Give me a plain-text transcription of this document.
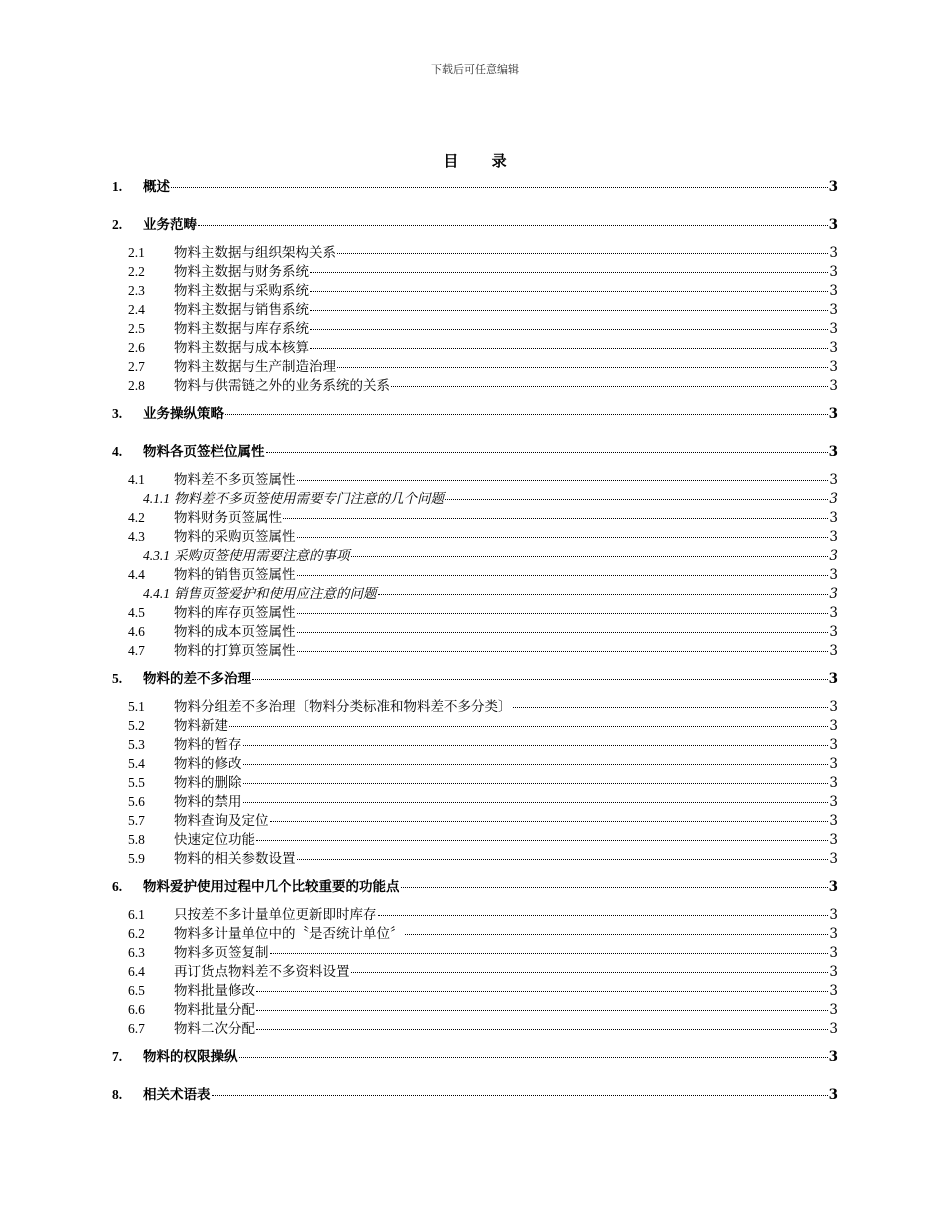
下载后可任意编辑
目 录
1.	概述	3
2.	业务范畴	3
2.1	物料主数据与组织架构关系	3
2.2	物料主数据与财务系统	3
2.3	物料主数据与采购系统	3
2.4	物料主数据与销售系统	3
2.5	物料主数据与库存系统	3
2.6	物料主数据与成本核算	3
2.7	物料主数据与生产制造治理	3
2.8	物料与供需链之外的业务系统的关系	3
3.	业务操纵策略	3
4.	物料各页签栏位属性	3
4.1	物料差不多页签属性	3
4.1.1 物料差不多页签使用需要专门注意的几个问题	3
4.2	物料财务页签属性	3
4.3	物料的采购页签属性	3
4.3.1 采购页签使用需要注意的事项	3
4.4	物料的销售页签属性	3
4.4.1 销售页签爱护和使用应注意的问题	3
4.5	物料的库存页签属性	3
4.6	物料的成本页签属性	3
4.7	物料的打算页签属性	3
5.	物料的差不多治理	3
5.1	物料分组差不多治理〔物料分类标准和物料差不多分类〕	3
5.2	物料新建	3
5.3	物料的暂存	3
5.4	物料的修改	3
5.5	物料的删除	3
5.6	物料的禁用	3
5.7	物料查询及定位	3
5.8	快速定位功能	3
5.9	物料的相关参数设置	3
6.	物料爱护使用过程中几个比较重要的功能点	3
6.1	只按差不多计量单位更新即时库存	3
6.2	物料多计量单位中的〝是否统计单位〞	3
6.3	物料多页签复制	3
6.4	再订货点物料差不多资料设置	3
6.5	物料批量修改	3
6.6	物料批量分配	3
6.7	物料二次分配	3
7.	物料的权限操纵	3
8.	相关术语表	3
